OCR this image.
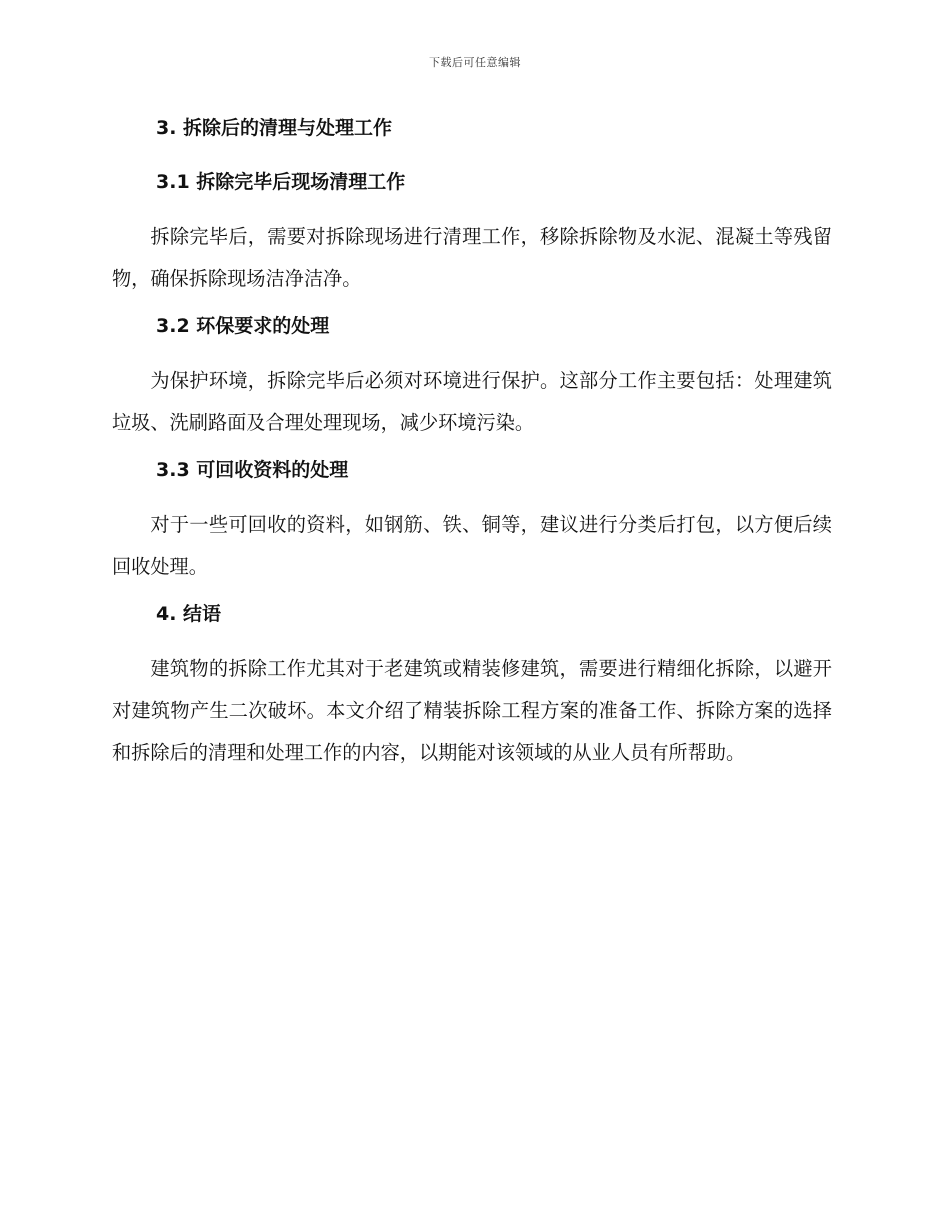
下载后可任意编辑
3. 拆除后的清理与处理工作
3.1 拆除完毕后现场清理工作

拆除完毕后，需要对拆除现场进行清理工作，移除拆除物及水泥、混凝土等残留物，确保拆除现场洁净洁净。

3.2 环保要求的处理

为保护环境，拆除完毕后必须对环境进行保护。这部分工作主要包括：处理建筑垃圾、洗刷路面及合理处理现场，减少环境污染。

3.3 可回收资料的处理

对于一些可回收的资料，如钢筋、铁、铜等，建议进行分类后打包，以方便后续回收处理。

4. 结语

建筑物的拆除工作尤其对于老建筑或精装修建筑，需要进行精细化拆除，以避开对建筑物产生二次破坏。本文介绍了精装拆除工程方案的准备工作、拆除方案的选择和拆除后的清理和处理工作的内容，以期能对该领域的从业人员有所帮助。
